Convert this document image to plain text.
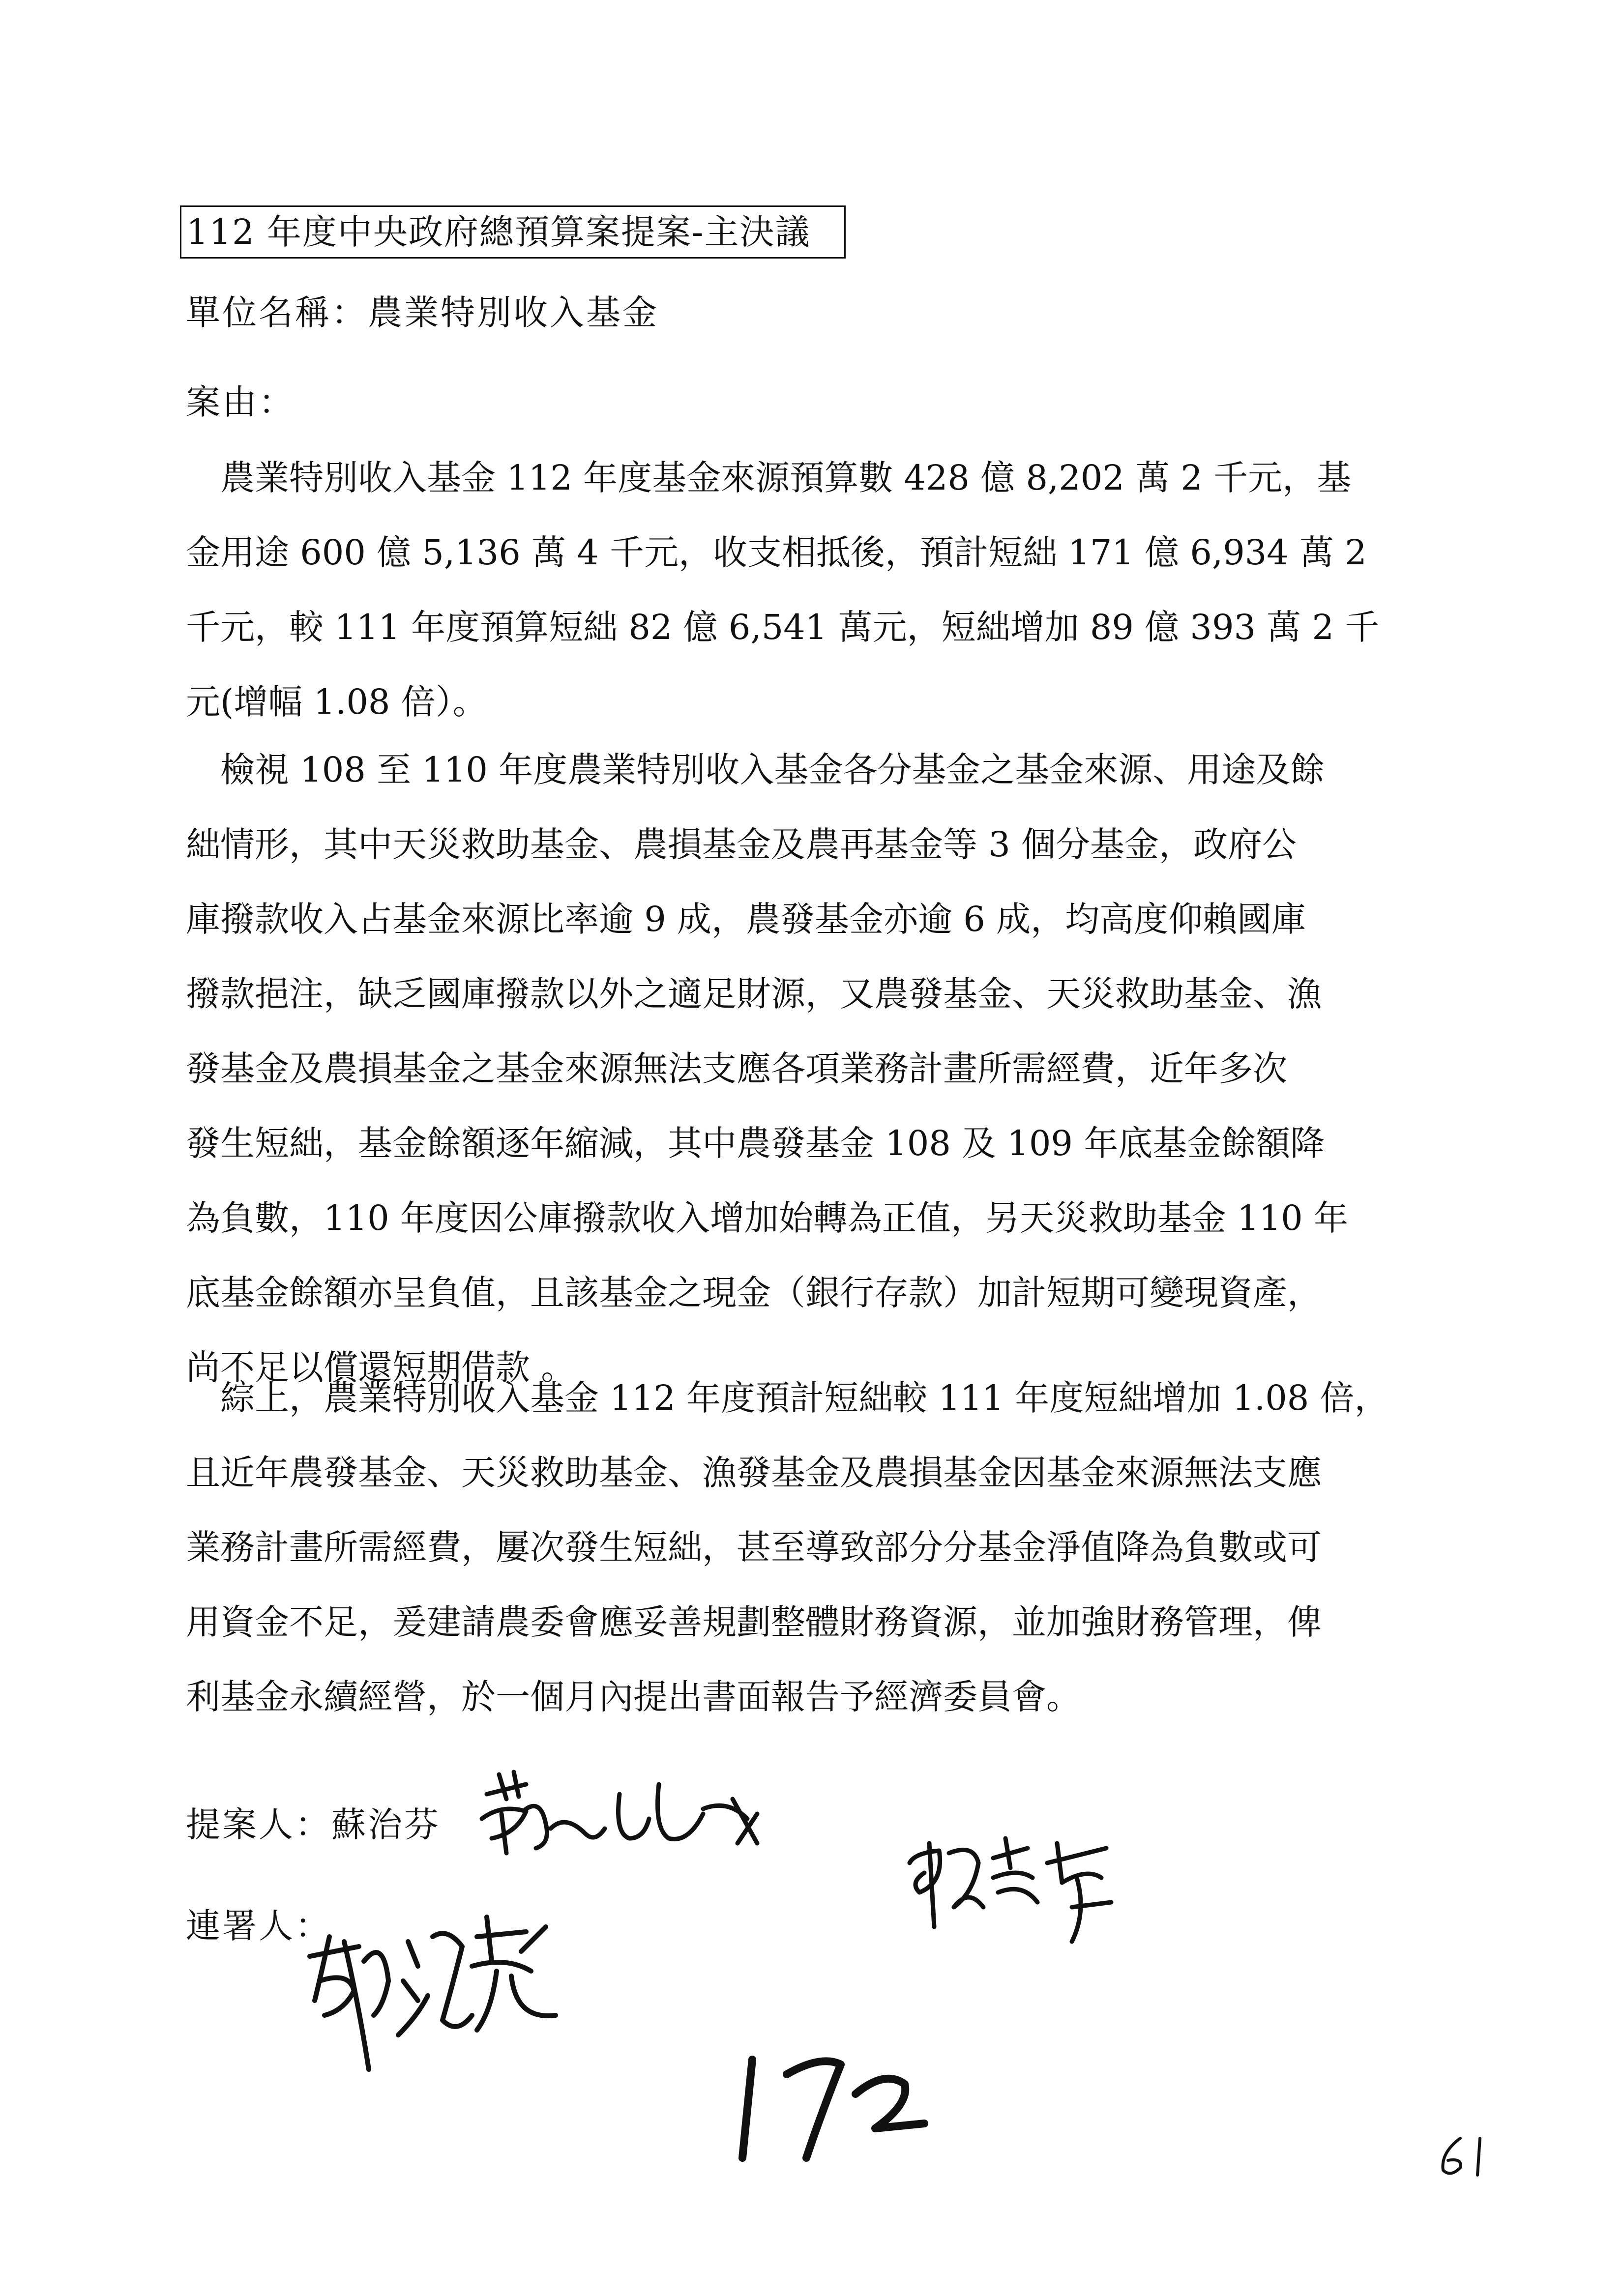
112 年度中央政府總預算案提案-主決議
單位名稱：農業特別收入基金
案由：
　農業特別收入基金 112 年度基金來源預算數 428 億 8,202 萬 2 千元，基
金用途 600 億 5,136 萬 4 千元，收支相抵後，預計短絀 171 億 6,934 萬 2
千元，較 111 年度預算短絀 82 億 6,541 萬元，短絀增加 89 億 393 萬 2 千
元(增幅 1.08 倍）。
　檢視 108 至 110 年度農業特別收入基金各分基金之基金來源、用途及餘
絀情形，其中天災救助基金、農損基金及農再基金等 3 個分基金，政府公
庫撥款收入占基金來源比率逾 9 成，農發基金亦逾 6 成，均高度仰賴國庫
撥款挹注，缺乏國庫撥款以外之適足財源，又農發基金、天災救助基金、漁
發基金及農損基金之基金來源無法支應各項業務計畫所需經費，近年多次
發生短絀，基金餘額逐年縮減，其中農發基金 108 及 109 年底基金餘額降
為負數，110 年度因公庫撥款收入增加始轉為正值，另天災救助基金 110 年
底基金餘額亦呈負值，且該基金之現金（銀行存款）加計短期可變現資產，
尚不足以償還短期借款 。
　綜上，農業特別收入基金 112 年度預計短絀較 111 年度短絀增加 1.08 倍，
且近年農發基金、天災救助基金、漁發基金及農損基金因基金來源無法支應
業務計畫所需經費，屢次發生短絀，甚至導致部分分基金淨值降為負數或可
用資金不足，爰建請農委會應妥善規劃整體財務資源，並加強財務管理，俾
利基金永續經營，於一個月內提出書面報告予經濟委員會。
提案人：蘇治芬
連署人：
